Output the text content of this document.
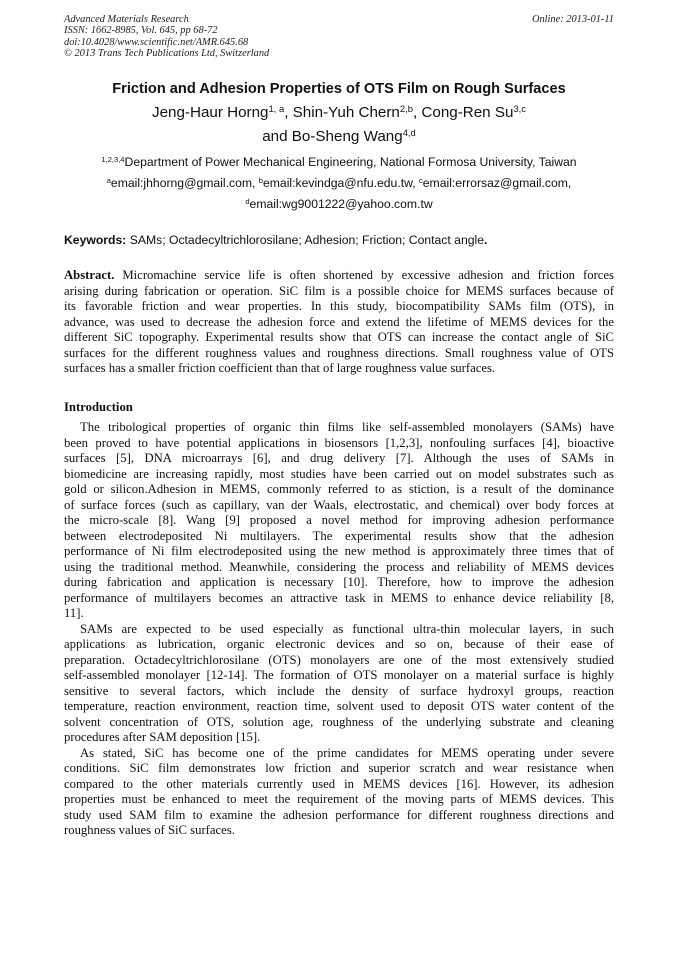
Advanced Materials Research
ISSN: 1662-8985, Vol. 645, pp 68-72
doi:10.4028/www.scientific.net/AMR.645.68
© 2013 Trans Tech Publications Ltd, Switzerland
Online: 2013-01-11
Friction and Adhesion Properties of OTS Film on Rough Surfaces
Jeng-Haur Horng$^{1, a}$, Shin-Yuh Chern$^{2,b}$, Cong-Ren Su$^{3,c}$
and Bo-Sheng Wang$^{4,d}$
$^{1,2,3,4}$Department of Power Mechanical Engineering, National Formosa University, Taiwan
$^a$email:jhhorng@gmail.com, $^b$email:kevindga@nfu.edu.tw, $^c$email:errorsaz@gmail.com,
$^d$email:wg9001222@yahoo.com.tw
Keywords: SAMs; Octadecyltrichlorosilane; Adhesion; Friction; Contact angle.
Abstract. Micromachine service life is often shortened by excessive adhesion and friction forces
arising during fabrication or operation. SiC film is a possible choice for MEMS surfaces because of
its favorable friction and wear properties. In this study, biocompatibility SAMs film (OTS), in
advance, was used to decrease the adhesion force and extend the lifetime of MEMS devices for the
different SiC topography. Experimental results show that OTS can increase the contact angle of SiC
surfaces for the different roughness values and roughness directions. Small roughness value of OTS
surfaces has a smaller friction coefficient than that of large roughness value surfaces.
Introduction
The tribological properties of organic thin films like self-assembled monolayers (SAMs) have
been proved to have potential applications in biosensors [1,2,3], nonfouling surfaces [4], bioactive
surfaces [5], DNA microarrays [6], and drug delivery [7]. Although the uses of SAMs in
biomedicine are increasing rapidly, most studies have been carried out on model substrates such as
gold or silicon.Adhesion in MEMS, commonly referred to as stiction, is a result of the dominance
of surface forces (such as capillary, van der Waals, electrostatic, and chemical) over body forces at
the micro-scale [8]. Wang [9] proposed a novel method for improving adhesion performance
between electrodeposited Ni multilayers. The experimental results show that the adhesion
performance of Ni film electrodeposited using the new method is approximately three times that of
using the traditional method. Meanwhile, considering the process and reliability of MEMS devices
during fabrication and application is necessary [10]. Therefore, how to improve the adhesion
performance of multilayers becomes an attractive task in MEMS to enhance device reliability [8,
11].
SAMs are expected to be used especially as functional ultra-thin molecular layers, in such
applications as lubrication, organic electronic devices and so on, because of their ease of
preparation. Octadecyltrichlorosilane (OTS) monolayers are one of the most extensively studied
self-assembled monolayer [12-14]. The formation of OTS monolayer on a material surface is highly
sensitive to several factors, which include the density of surface hydroxyl groups, reaction
temperature, reaction environment, reaction time, solvent used to deposit OTS water content of the
solvent concentration of OTS, solution age, roughness of the underlying substrate and cleaning
procedures after SAM deposition [15].
As stated, SiC has become one of the prime candidates for MEMS operating under severe
conditions. SiC film demonstrates low friction and superior scratch and wear resistance when
compared to the other materials currently used in MEMS devices [16]. However, its adhesion
properties must be enhanced to meet the requirement of the moving parts of MEMS devices. This
study used SAM film to examine the adhesion performance for different roughness directions and
roughness values of SiC surfaces.
